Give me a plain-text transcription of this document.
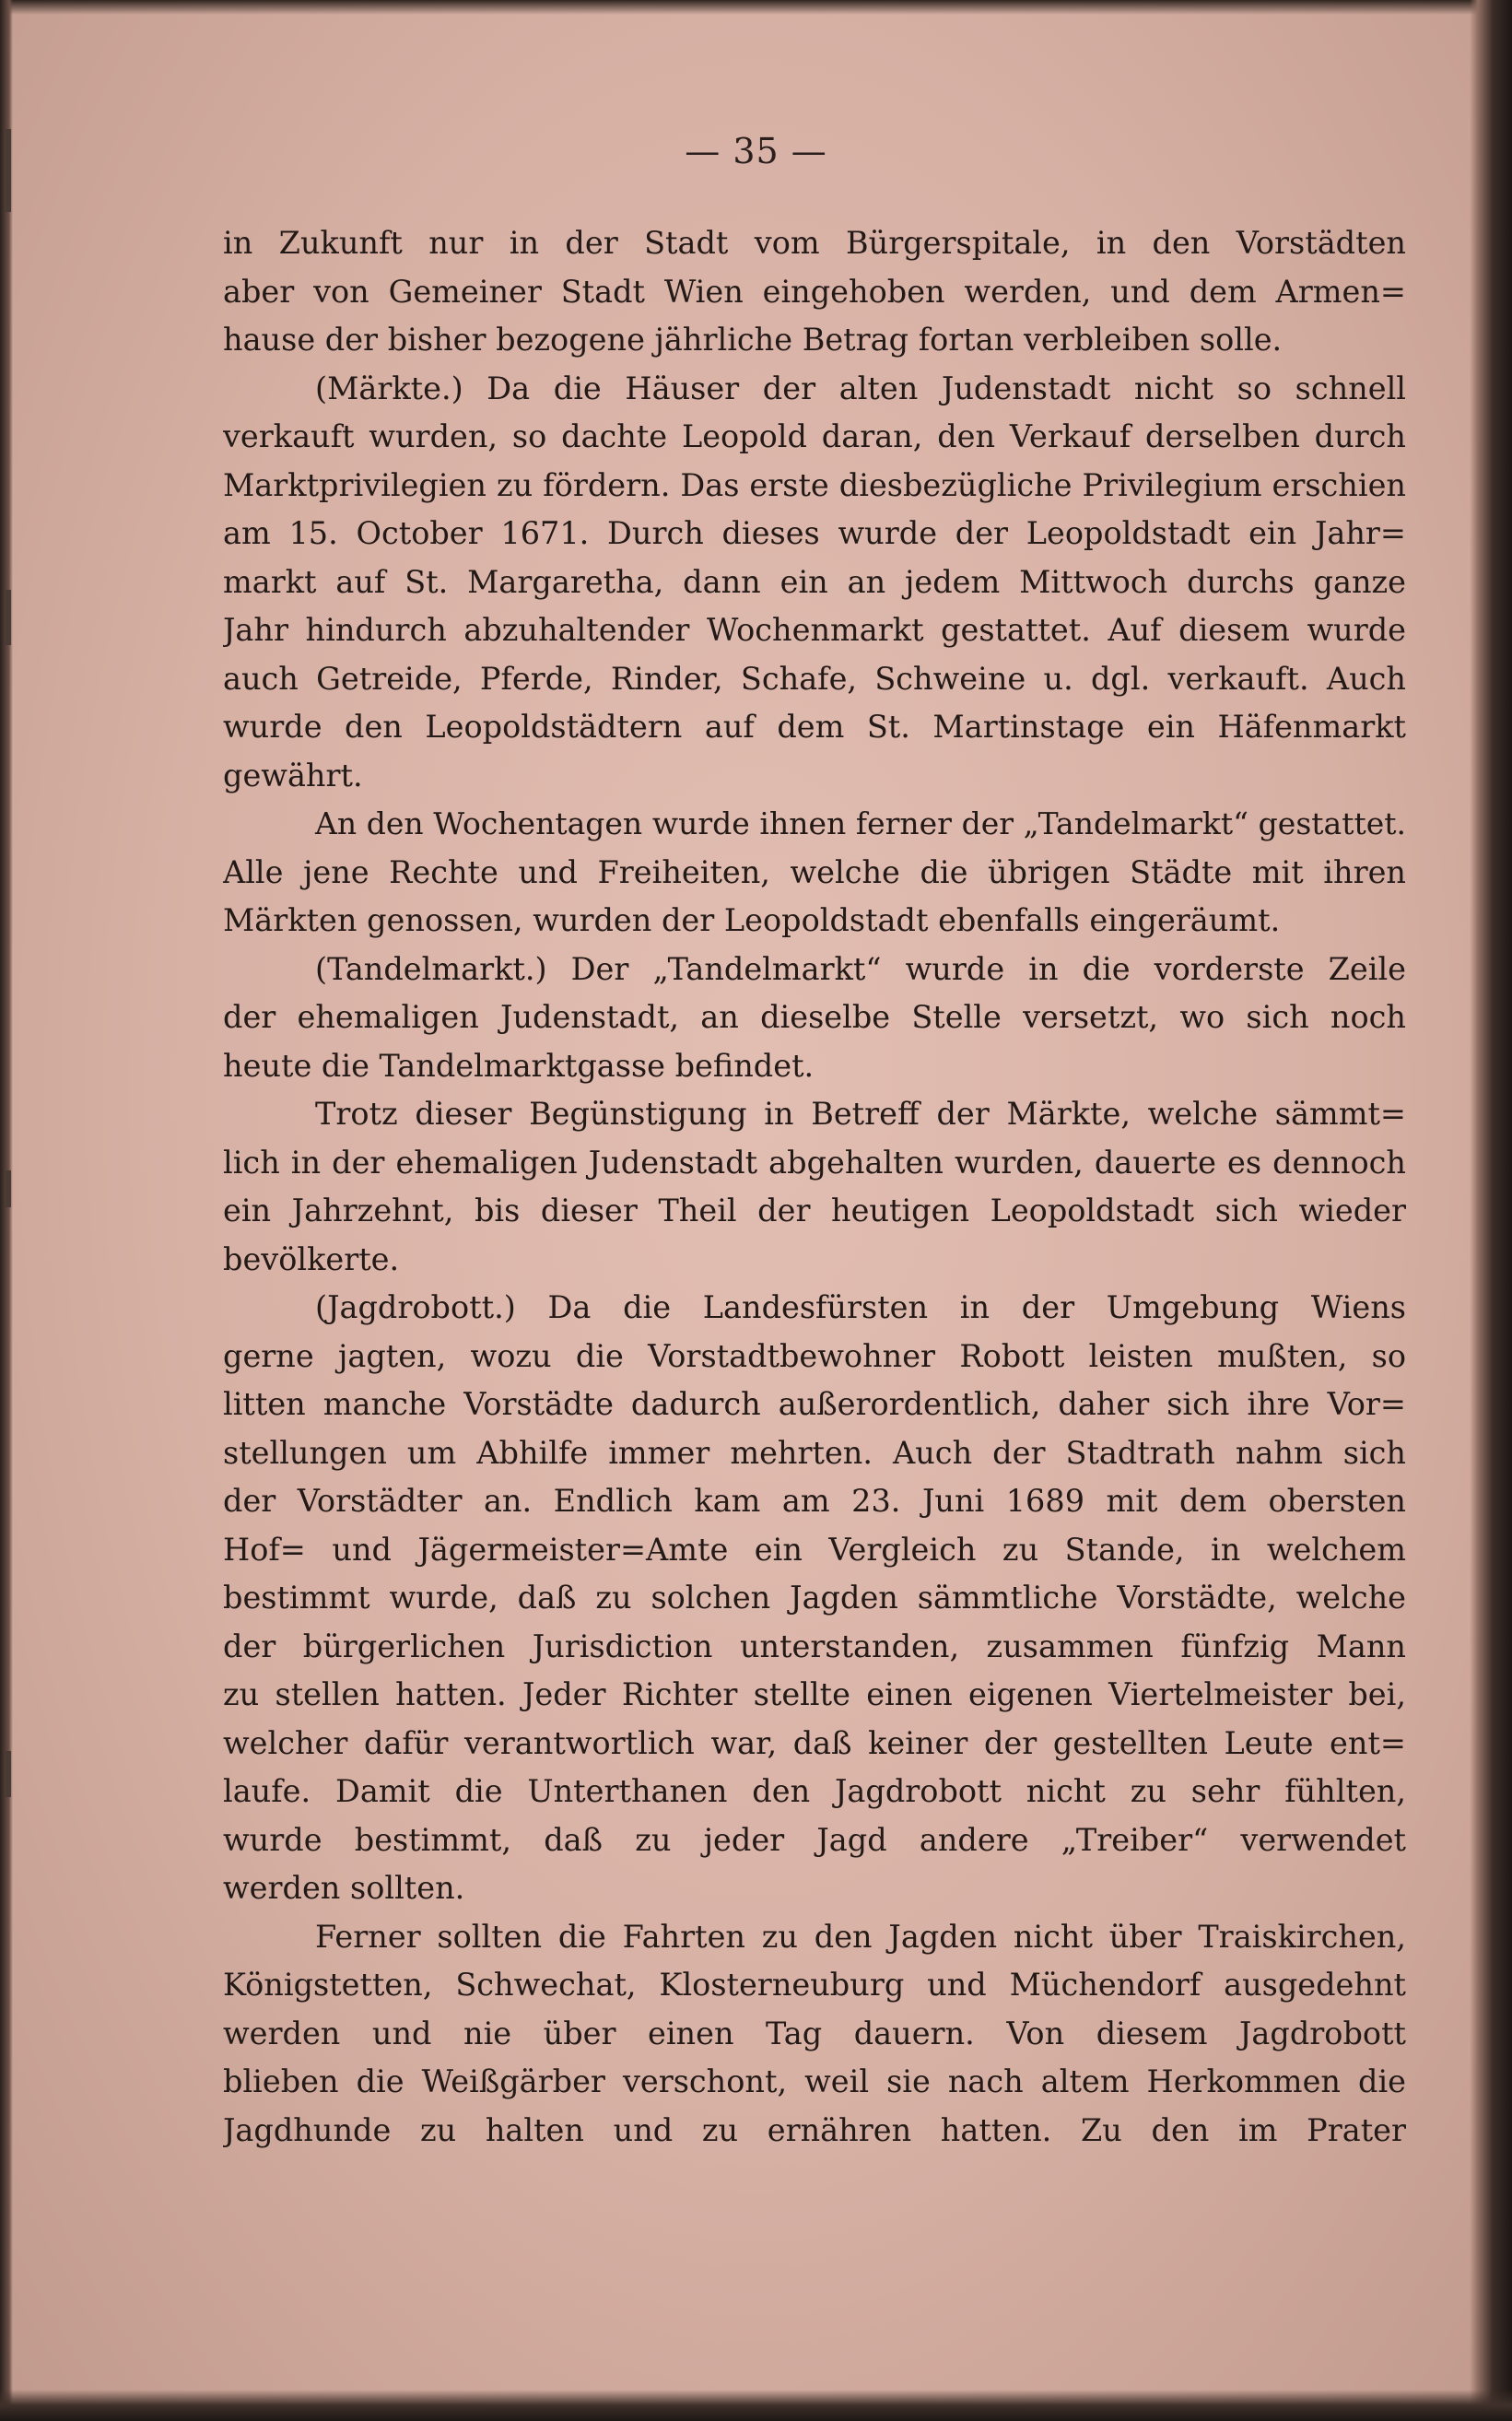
— 35 —
in Zukunft nur in der Stadt vom Bürgerspitale, in den Vorstädten
aber von Gemeiner Stadt Wien eingehoben werden, und dem Armen=
hause der bisher bezogene jährliche Betrag fortan verbleiben solle.
(Märkte.) Da die Häuser der alten Judenstadt nicht so schnell
verkauft wurden, so dachte Leopold daran, den Verkauf derselben durch
Marktprivilegien zu fördern. Das erste diesbezügliche Privilegium erschien
am 15. October 1671. Durch dieses wurde der Leopoldstadt ein Jahr=
markt auf St. Margaretha, dann ein an jedem Mittwoch durchs ganze
Jahr hindurch abzuhaltender Wochenmarkt gestattet. Auf diesem wurde
auch Getreide, Pferde, Rinder, Schafe, Schweine u. dgl. verkauft. Auch
wurde den Leopoldstädtern auf dem St. Martinstage ein Häfenmarkt
gewährt.
An den Wochentagen wurde ihnen ferner der „Tandelmarkt“ gestattet.
Alle jene Rechte und Freiheiten, welche die übrigen Städte mit ihren
Märkten genossen, wurden der Leopoldstadt ebenfalls eingeräumt.
(Tandelmarkt.) Der „Tandelmarkt“ wurde in die vorderste Zeile
der ehemaligen Judenstadt, an dieselbe Stelle versetzt, wo sich noch
heute die Tandelmarktgasse befindet.
Trotz dieser Begünstigung in Betreff der Märkte, welche sämmt=
lich in der ehemaligen Judenstadt abgehalten wurden, dauerte es dennoch
ein Jahrzehnt, bis dieser Theil der heutigen Leopoldstadt sich wieder
bevölkerte.
(Jagdrobott.) Da die Landesfürsten in der Umgebung Wiens
gerne jagten, wozu die Vorstadtbewohner Robott leisten mußten, so
litten manche Vorstädte dadurch außerordentlich, daher sich ihre Vor=
stellungen um Abhilfe immer mehrten. Auch der Stadtrath nahm sich
der Vorstädter an. Endlich kam am 23. Juni 1689 mit dem obersten
Hof= und Jägermeister=Amte ein Vergleich zu Stande, in welchem
bestimmt wurde, daß zu solchen Jagden sämmtliche Vorstädte, welche
der bürgerlichen Jurisdiction unterstanden, zusammen fünfzig Mann
zu stellen hatten. Jeder Richter stellte einen eigenen Viertelmeister bei,
welcher dafür verantwortlich war, daß keiner der gestellten Leute ent=
laufe. Damit die Unterthanen den Jagdrobott nicht zu sehr fühlten,
wurde bestimmt, daß zu jeder Jagd andere „Treiber“ verwendet
werden sollten.
Ferner sollten die Fahrten zu den Jagden nicht über Traiskirchen,
Königstetten, Schwechat, Klosterneuburg und Müchendorf ausgedehnt
werden und nie über einen Tag dauern. Von diesem Jagdrobott
blieben die Weißgärber verschont, weil sie nach altem Herkommen die
Jagdhunde zu halten und zu ernähren hatten. Zu den im Prater
